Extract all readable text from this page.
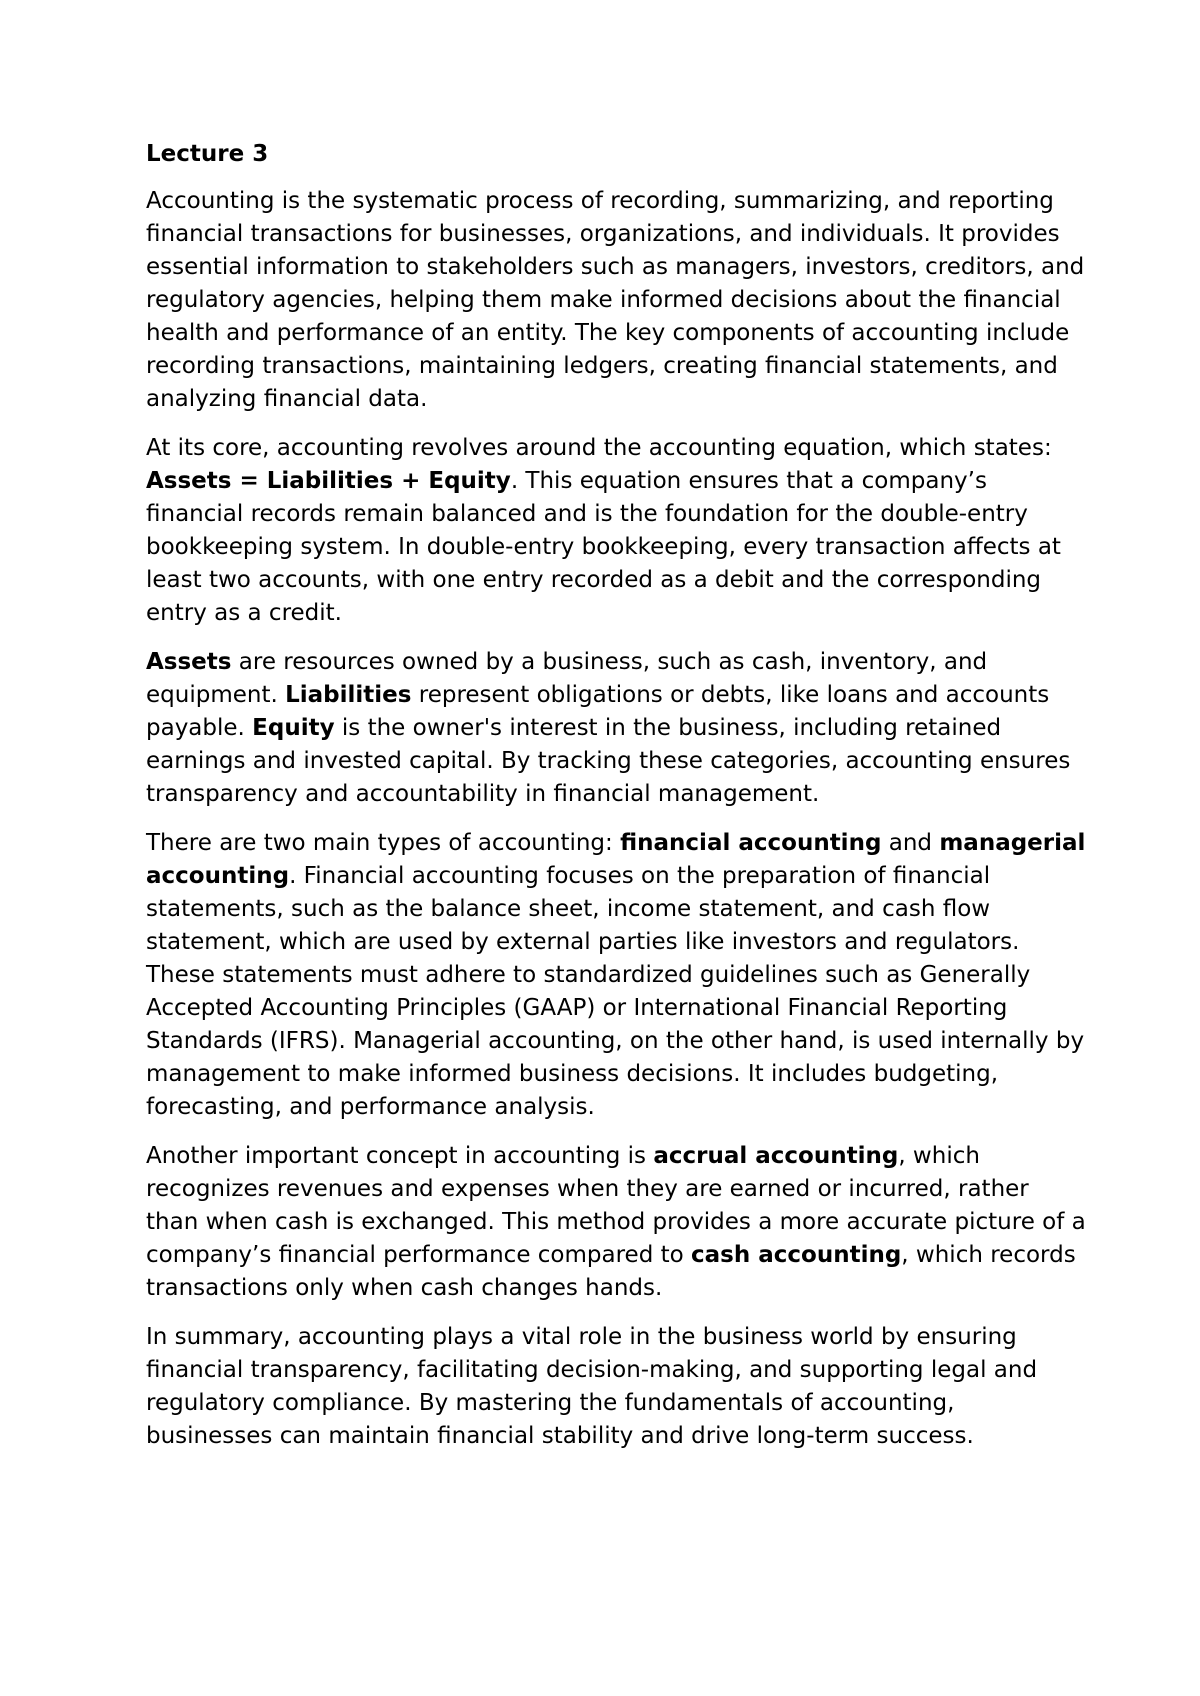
Lecture 3

Accounting is the systematic process of recording, summarizing, and reporting financial transactions for businesses, organizations, and individuals. It provides essential information to stakeholders such as managers, investors, creditors, and regulatory agencies, helping them make informed decisions about the financial health and performance of an entity. The key components of accounting include recording transactions, maintaining ledgers, creating financial statements, and analyzing financial data.

At its core, accounting revolves around the accounting equation, which states: Assets = Liabilities + Equity. This equation ensures that a company’s financial records remain balanced and is the foundation for the double-entry bookkeeping system. In double-entry bookkeeping, every transaction affects at least two accounts, with one entry recorded as a debit and the corresponding entry as a credit.

Assets are resources owned by a business, such as cash, inventory, and equipment. Liabilities represent obligations or debts, like loans and accounts payable. Equity is the owner's interest in the business, including retained earnings and invested capital. By tracking these categories, accounting ensures transparency and accountability in financial management.

There are two main types of accounting: financial accounting and managerial accounting. Financial accounting focuses on the preparation of financial statements, such as the balance sheet, income statement, and cash flow statement, which are used by external parties like investors and regulators. These statements must adhere to standardized guidelines such as Generally Accepted Accounting Principles (GAAP) or International Financial Reporting Standards (IFRS). Managerial accounting, on the other hand, is used internally by management to make informed business decisions. It includes budgeting, forecasting, and performance analysis.

Another important concept in accounting is accrual accounting, which recognizes revenues and expenses when they are earned or incurred, rather than when cash is exchanged. This method provides a more accurate picture of a company’s financial performance compared to cash accounting, which records transactions only when cash changes hands.

In summary, accounting plays a vital role in the business world by ensuring financial transparency, facilitating decision-making, and supporting legal and regulatory compliance. By mastering the fundamentals of accounting, businesses can maintain financial stability and drive long-term success.
